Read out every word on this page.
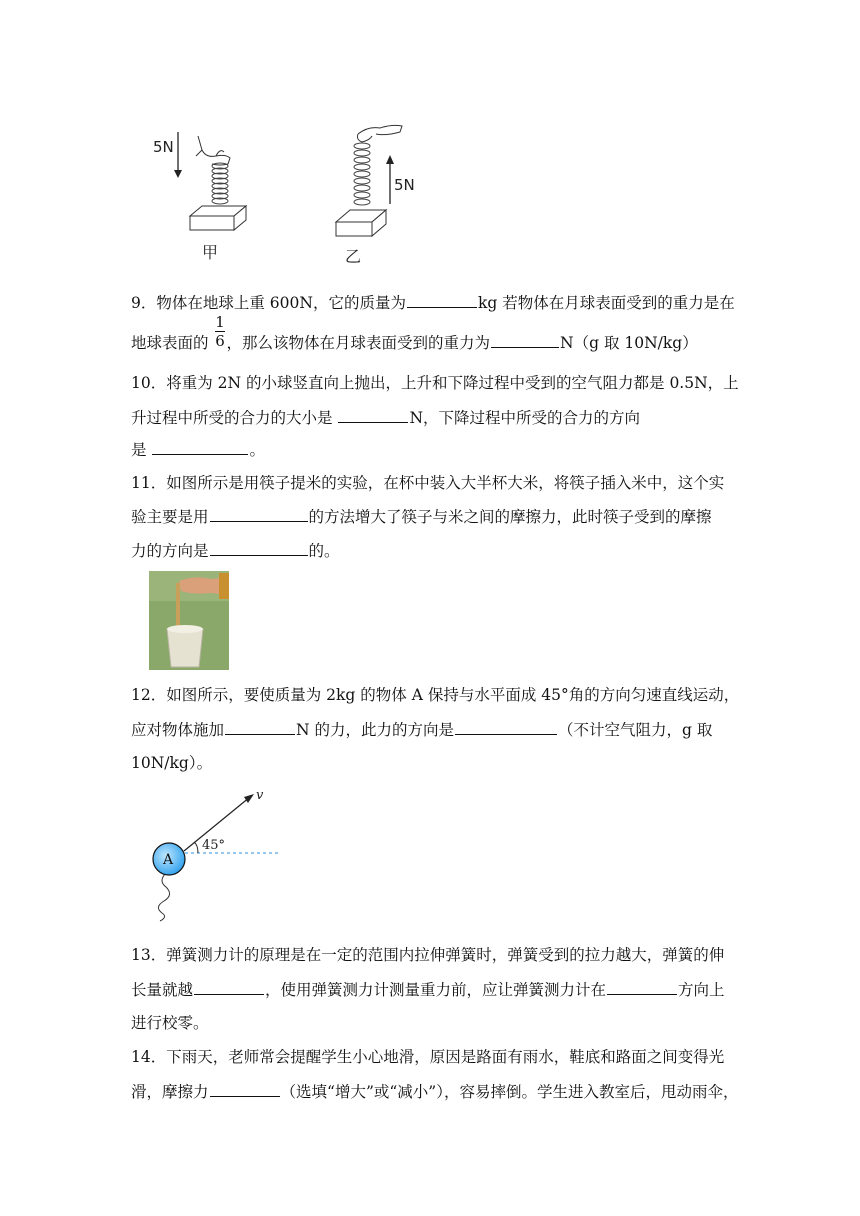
5N
甲
5N
乙
9．物体在地球上重 600N，它的质量为	kg 若物体在月球表面受到的重力是在
地球表面的 ，那么该物体在月球表面受到的重力为	N（g 取 10N/kg）
1
6
10．将重为 2N 的小球竖直向上抛出，上升和下降过程中受到的空气阻力都是 0.5N，上
升过程中所受的合力的大小是	N，下降过程中所受的合力的方向
是	。
11．如图所示是用筷子提米的实验，在杯中装入大半杯大米，将筷子插入米中，这个实
验主要是用	的方法增大了筷子与米之间的摩擦力，此时筷子受到的摩擦
力的方向是	的。
12．如图所示，要使质量为 2kg 的物体 A 保持与水平面成 45°角的方向匀速直线运动，
应对物体施加	N 的力，此力的方向是	（不计空气阻力，g 取
10N/kg）。
A
v
45°
13．弹簧测力计的原理是在一定的范围内拉伸弹簧时，弹簧受到的拉力越大，弹簧的伸
长量就越	，使用弹簧测力计测量重力前，应让弹簧测力计在	方向上
进行校零。
14．下雨天，老师常会提醒学生小心地滑，原因是路面有雨水，鞋底和路面之间变得光
滑，摩擦力	（选填“增大”或“减小”），容易摔倒。学生进入教室后，甩动雨伞，
